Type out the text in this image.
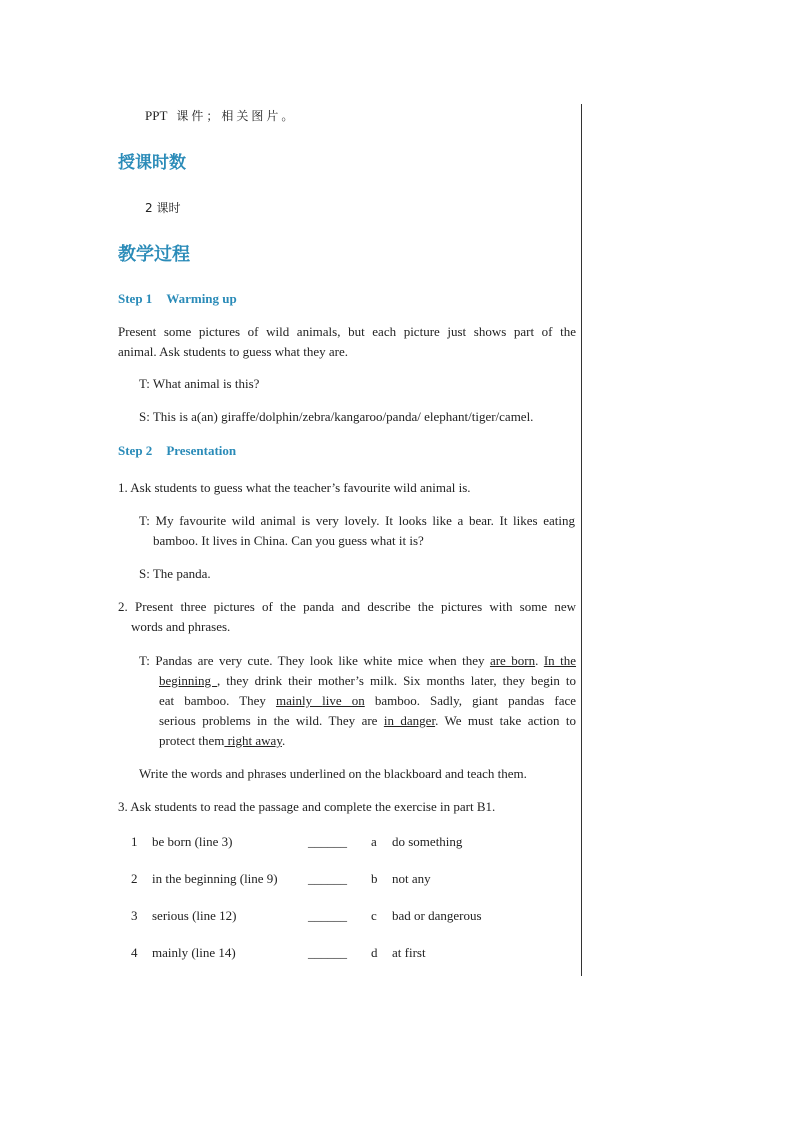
PPT 课件；相关图片。
授课时数
2 课时
教学过程
Step 1 Warming up
Present some pictures of wild animals, but each picture just shows part of the
animal. Ask students to guess what they are.
T: What animal is this?
S: This is a(an) giraffe/dolphin/zebra/kangaroo/panda/ elephant/tiger/camel.
Step 2 Presentation
1. Ask students to guess what the teacher’s favourite wild animal is.
T: My favourite wild animal is very lovely. It looks like a bear. It likes eating
bamboo. It lives in China. Can you guess what it is?
S: The panda.
2. Present three pictures of the panda and describe the pictures with some new
words and phrases.
T: Pandas are very cute. They look like white mice when they are born. In the
beginning , they drink their mother’s milk. Six months later, they begin to
eat bamboo. They mainly live on bamboo. Sadly, giant pandas face
serious problems in the wild. They are in danger. We must take action to
protect them right away.
Write the words and phrases underlined on the blackboard and teach them.
3. Ask students to read the passage and complete the exercise in part B1.
1 be born (line 3)	______ a do something
2 in the beginning (line 9) ______ b not any
3 serious (line 12)	______ c bad or dangerous
4 mainly (line 14)	______ d at first
